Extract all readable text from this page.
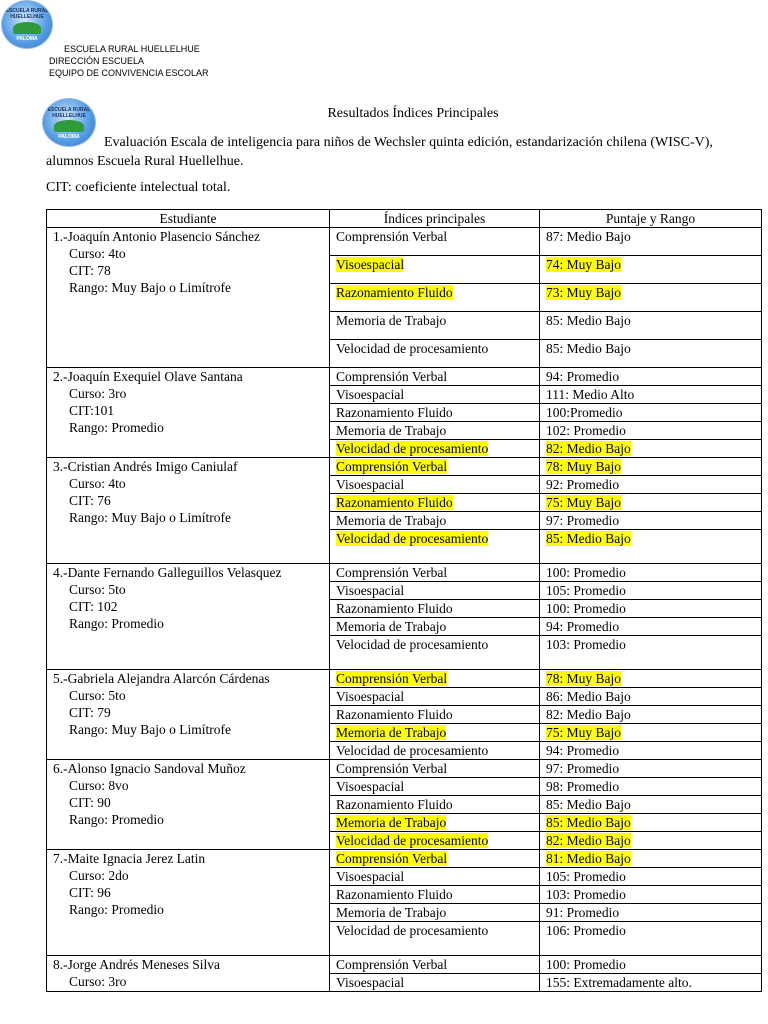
ESCUELA RURAL
HUELLELHUE
PALOMA
ESCUELA RURAL HUELLELHUE
DIRECCIÓN ESCUELA
EQUIPO DE CONVIVENCIA ESCOLAR
ESCUELA RURAL
HUELLELHUE
PALOMA
Resultados Índices Principales
Evaluación Escala de inteligencia para niños de Wechsler quinta edición, estandarización chilena (WISC-V), alumnos Escuela Rural Huellelhue.
CIT: coeficiente intelectual total.
Estudiante	Índices principales	Puntaje y Rango

1.-Joaquín Antonio Plasencio Sánchez
Curso: 4to
CIT: 78
Rango: Muy Bajo o Limítrofe	Comprensión Verbal	87: Medio Bajo
	Visoespacial	74: Muy Bajo
	Razonamiento Fluido	73: Muy Bajo
	Memoria de Trabajo	85: Medio Bajo
	Velocidad de procesamiento	85: Medio Bajo

2.-Joaquín Exequiel Olave Santana
Curso: 3ro
CIT:101
Rango: Promedio	Comprensión Verbal	94: Promedio
	Visoespacial	111: Medio Alto
	Razonamiento Fluido	100:Promedio
	Memoria de Trabajo	102: Promedio
	Velocidad de procesamiento	82: Medio Bajo

3.-Cristian Andrés Imigo Caniulaf
Curso: 4to
CIT: 76
Rango: Muy Bajo o Limítrofe	Comprensión Verbal	78: Muy Bajo
	Visoespacial	92: Promedio
	Razonamiento Fluido	75: Muy Bajo
	Memoria de Trabajo	97: Promedio
	Velocidad de procesamiento	85: Medio Bajo

4.-Dante Fernando Galleguillos Velasquez
Curso: 5to
CIT: 102
Rango: Promedio	Comprensión Verbal	100: Promedio
	Visoespacial	105: Promedio
	Razonamiento Fluido	100: Promedio
	Memoria de Trabajo	94: Promedio
	Velocidad de procesamiento	103: Promedio

5.-Gabriela Alejandra Alarcón Cárdenas
Curso: 5to
CIT: 79
Rango: Muy Bajo o Limítrofe	Comprensión Verbal	78: Muy Bajo
	Visoespacial	86: Medio Bajo
	Razonamiento Fluido	82: Medio Bajo
	Memoria de Trabajo	75: Muy Bajo
	Velocidad de procesamiento	94: Promedio

6.-Alonso Ignacio Sandoval Muñoz
Curso: 8vo
CIT: 90
Rango: Promedio	Comprensión Verbal	97: Promedio
	Visoespacial	98: Promedio
	Razonamiento Fluido	85: Medio Bajo
	Memoria de Trabajo	85: Medio Bajo
	Velocidad de procesamiento	82: Medio Bajo

7.-Maite Ignacia Jerez Latin
Curso: 2do
CIT: 96
Rango: Promedio	Comprensión Verbal	81: Medio Bajo
	Visoespacial	105: Promedio
	Razonamiento Fluido	103: Promedio
	Memoria de Trabajo	91: Promedio
	Velocidad de procesamiento	106: Promedio

8.-Jorge Andrés Meneses Silva
Curso: 3ro	Comprensión Verbal	100: Promedio
	Visoespacial	155: Extremadamente alto.
